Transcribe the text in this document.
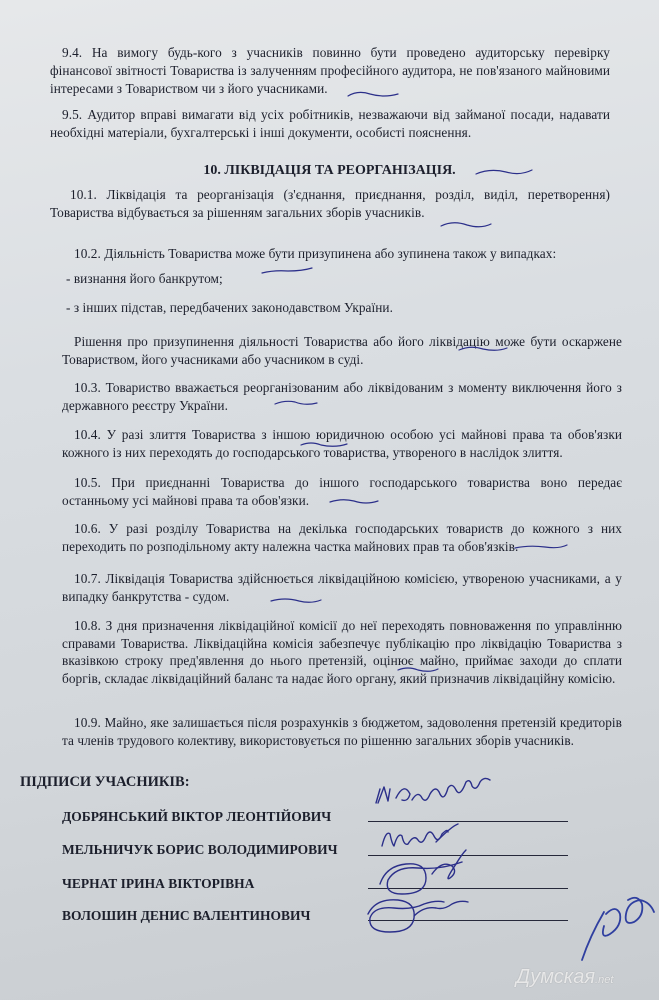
9.4. На вимогу будь-кого з учасників повинно бути проведено аудиторську перевірку фінансової звітності Товариства із залученням професійного аудитора, не пов'язаного майновими інтересами з Товариством чи з його учасниками.
9.5. Аудитор вправі вимагати від усіх робітників, незважаючи від займаної посади, надавати необхідні матеріали, бухгалтерські і інші документи, особисті пояснення.
10. ЛІКВІДАЦІЯ ТА РЕОРГАНІЗАЦІЯ.
10.1. Ліквідація та реорганізація (з'єднання, приєднання, розділ, виділ, перетворення) Товариства відбувається за рішенням загальних зборів учасників.
10.2. Діяльність Товариства може бути призупинена або зупинена також у випадках:
- визнання його банкрутом;
- з інших підстав, передбачених законодавством України.
Рішення про призупинення діяльності Товариства або його ліквідацію може бути оскаржене Товариством, його учасниками або учасником в суді.
10.3. Товариство вважається реорганізованим або ліквідованим з моменту виключення його з державного реєстру України.
10.4. У разі злиття Товариства з іншою юридичною особою усі майнові права та обов'язки кожного із них переходять до господарського товариства, утвореного в наслідок злиття.
10.5. При приєднанні Товариства до іншого господарського товариства воно передає останньому усі майнові права та обов'язки.
10.6. У разі розділу Товариства на декілька господарських товариств до кожного з них переходить по розподільному акту належна частка майнових прав та обов'язків.
10.7. Ліквідація Товариства здійснюється ліквідаційною комісією, утвореною учасниками, а у випадку банкрутства - судом.
10.8. З дня призначення ліквідаційної комісії до неї переходять повноваження по управлінню справами Товариства. Ліквідаційна комісія забезпечує публікацію про ліквідацію Товариства з вказівкою строку пред'явлення до нього претензій, оцінює майно, приймає заходи до сплати боргів, складає ліквідаційний баланс та надає його органу, який призначив ліквідаційну комісію.
10.9. Майно, яке залишається після розрахунків з бюджетом, задоволення претензій кредиторів та членів трудового колективу, використовується по рішенню загальних зборів учасників.
ПІДПИСИ УЧАСНИКІВ:
ДОБРЯНСЬКИЙ ВІКТОР ЛЕОНТІЙОВИЧ
МЕЛЬНИЧУК БОРИС ВОЛОДИМИРОВИЧ
ЧЕРНАТ ІРИНА ВІКТОРІВНА
ВОЛОШИН ДЕНИС ВАЛЕНТИНОВИЧ
Думская.net
